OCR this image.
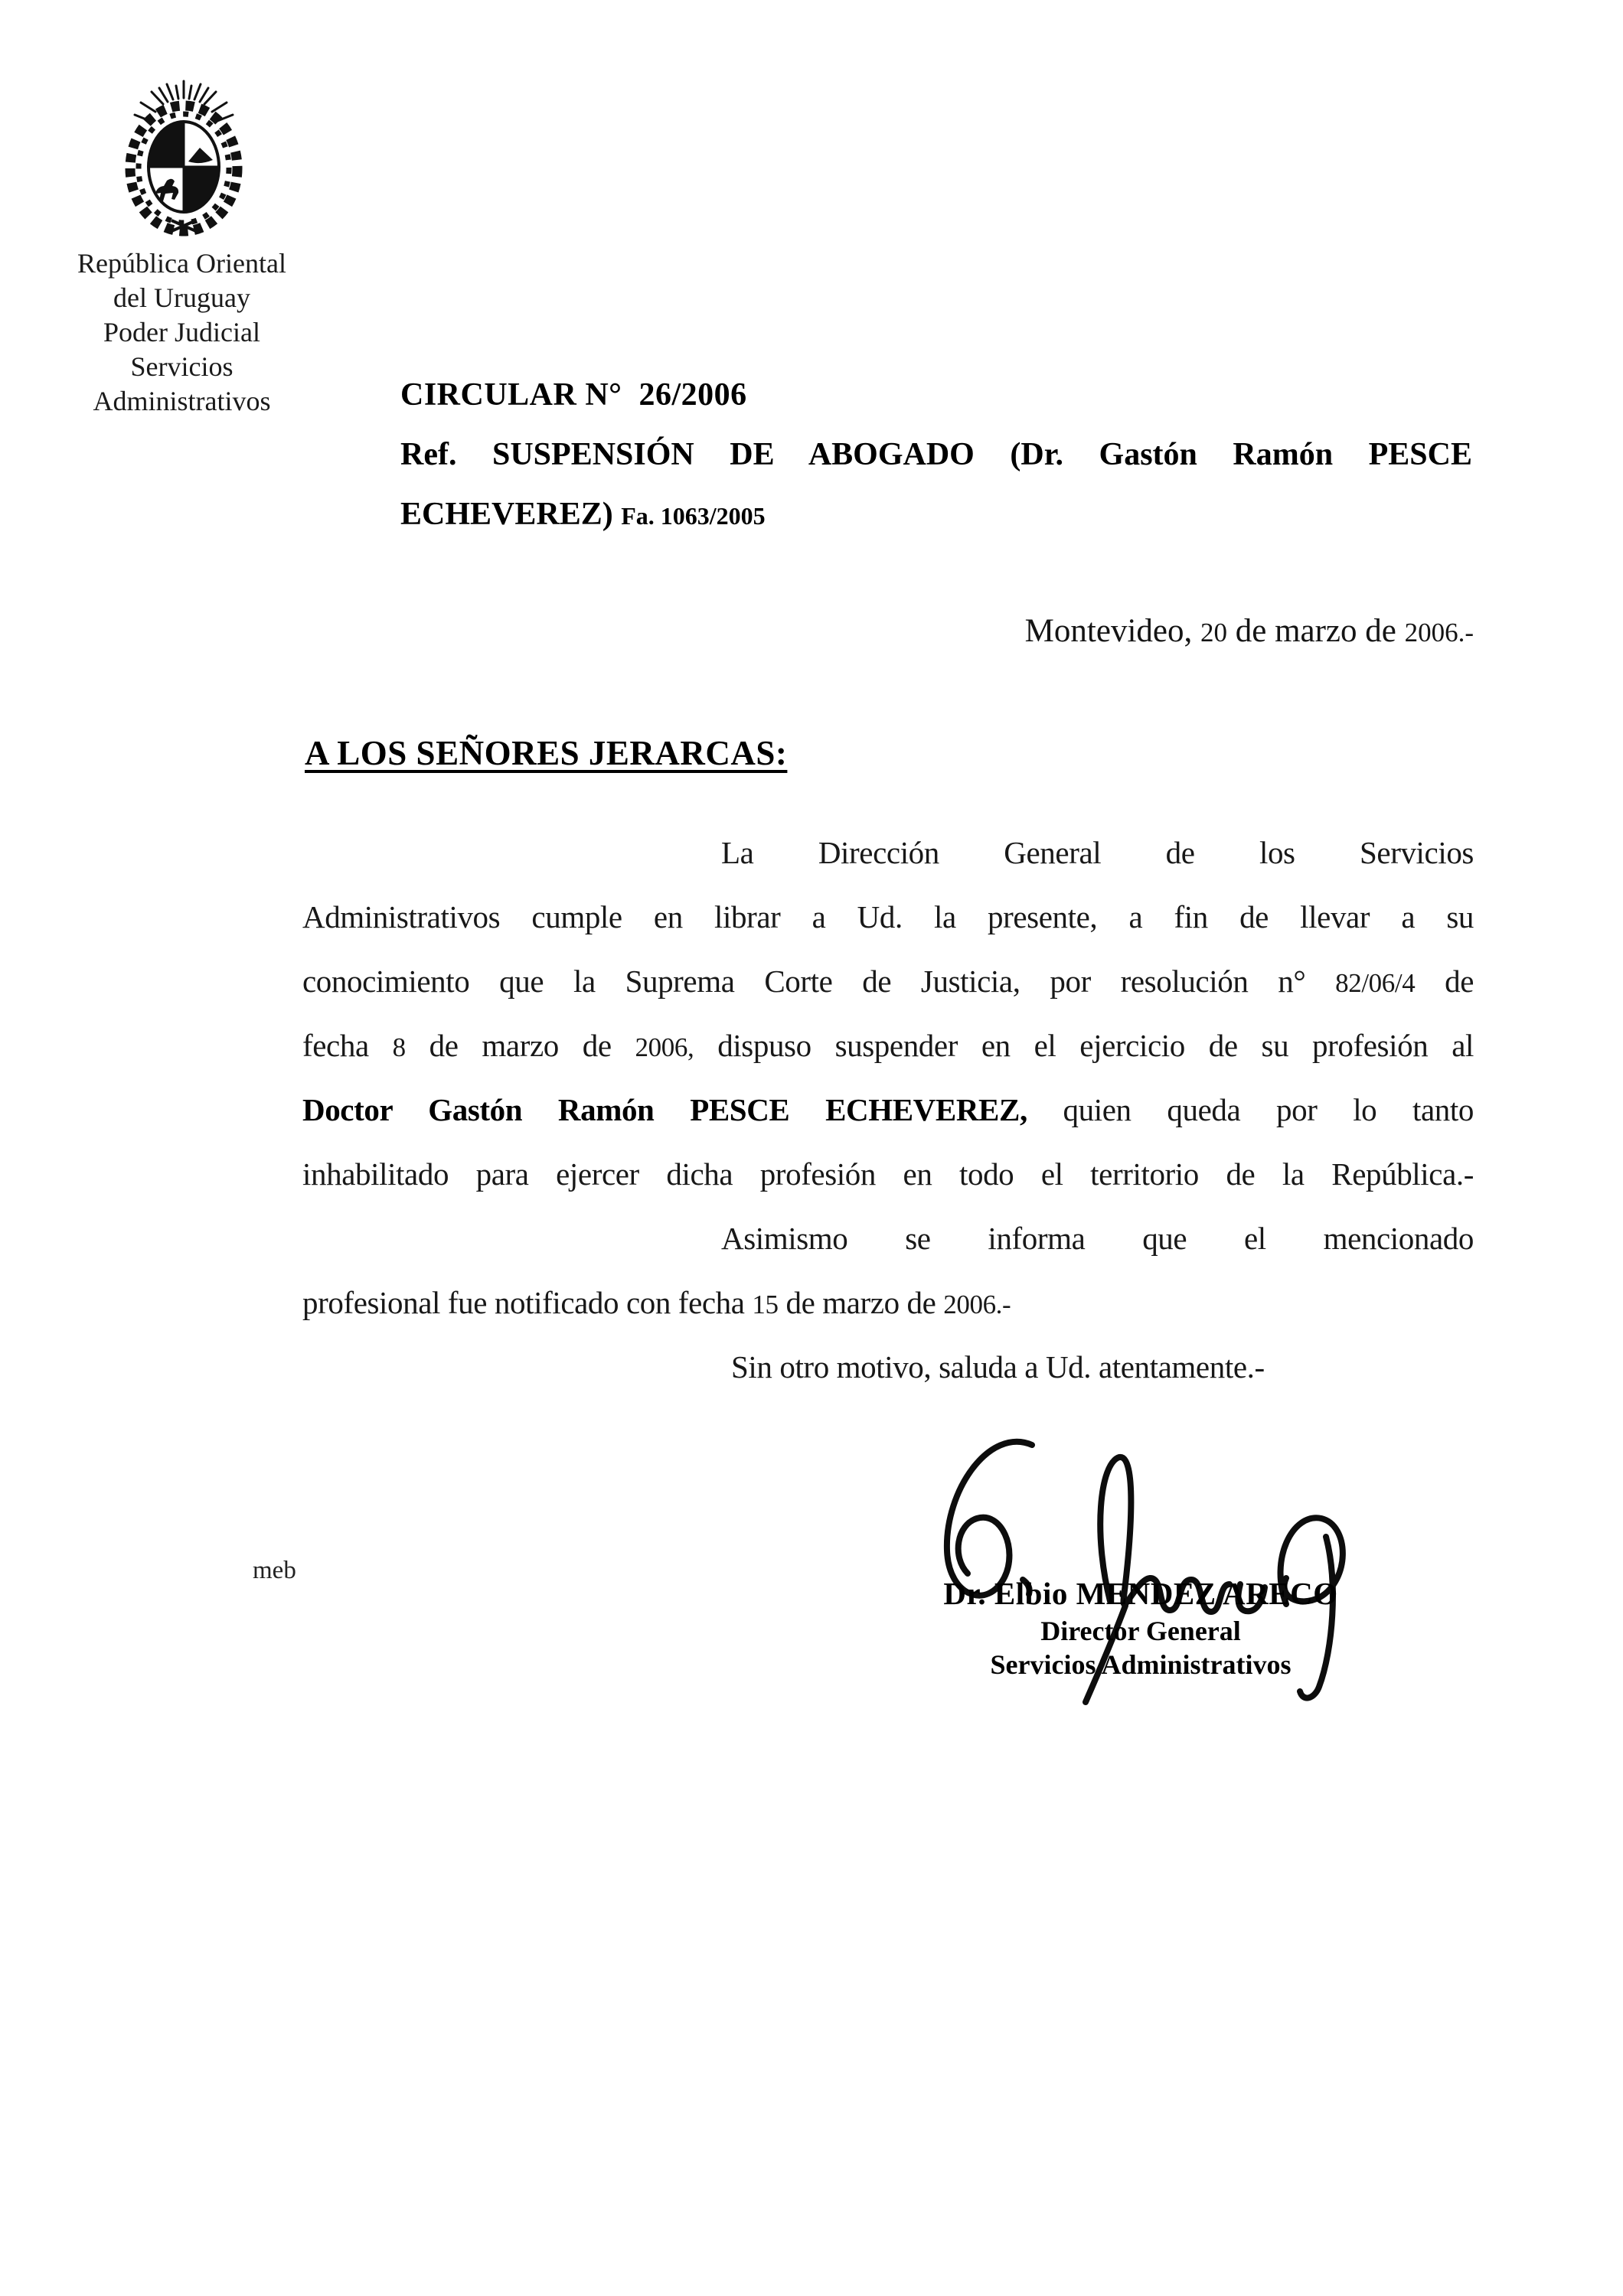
República Oriental
del Uruguay
Poder Judicial
Servicios
Administrativos	CIRCULAR N°  26/2006
Ref. SUSPENSIÓN DE ABOGADO (Dr. Gastón Ramón PESCE
ECHEVEREZ) Fa. 1063/2005
Montevideo, 20 de marzo de 2006.-
A LOS SEÑORES JERARCAS:
La Dirección General de los Servicios
Administrativos cumple en librar a Ud. la presente, a fin de llevar a su
conocimiento que la Suprema Corte de Justicia, por resolución n° 82/06/4 de
fecha 8 de marzo de 2006, dispuso suspender en el ejercicio de su profesión al
Doctor Gastón Ramón PESCE ECHEVEREZ, quien queda por lo tanto
inhabilitado para ejercer dicha profesión en todo el territorio de la República.-
Asimismo se informa que el mencionado
profesional fue notificado con fecha 15 de marzo de 2006.-
Sin otro motivo, saluda a Ud. atentamente.-
Dr. Elbio MENDEZ ARECO
Director General
Servicios Administrativos
meb
